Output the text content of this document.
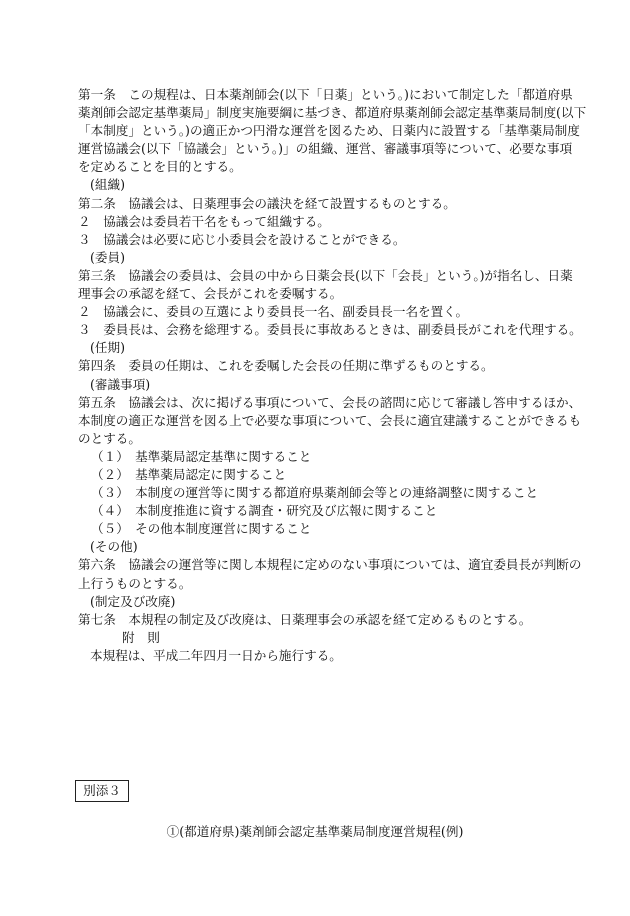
第一条　この規程は、日本薬剤師会(以下「日薬」という。)において制定した「都道府県
薬剤師会認定基準薬局」制度実施要綱に基づき、都道府県薬剤師会認定基準薬局制度(以下
「本制度」という。)の適正かつ円滑な運営を図るため、日薬内に設置する「基準薬局制度
運営協議会(以下「協議会」という。)」の組織、運営、審議事項等について、必要な事項
を定めることを目的とする。
(組織)
第二条　協議会は、日薬理事会の議決を経て設置するものとする。
２　協議会は委員若干名をもって組織する。
３　協議会は必要に応じ小委員会を設けることができる。
(委員)
第三条　協議会の委員は、会員の中から日薬会長(以下「会長」という。)が指名し、日薬
理事会の承認を経て、会長がこれを委嘱する。
２　協議会に、委員の互選により委員長一名、副委員長一名を置く。
３　委員長は、会務を総理する。委員長に事故あるときは、副委員長がこれを代理する。
(任期)
第四条　委員の任期は、これを委嘱した会長の任期に準ずるものとする。
(審議事項)
第五条　協議会は、次に掲げる事項について、会長の諮問に応じて審議し答申するほか、
本制度の適正な運営を図る上で必要な事項について、会長に適宜建議することができるも
のとする。
（１）　基準薬局認定基準に関すること
（２）　基準薬局認定に関すること
（３）　本制度の運営等に関する都道府県薬剤師会等との連絡調整に関すること
（４）　本制度推進に資する調査・研究及び広報に関すること
（５）　その他本制度運営に関すること
(その他)
第六条　協議会の運営等に関し本規程に定めのない事項については、適宜委員長が判断の
上行うものとする。
(制定及び改廃)
第七条　本規程の制定及び改廃は、日薬理事会の承認を経て定めるものとする。
附　則
本規程は、平成二年四月一日から施行する。
別添３
①(都道府県)薬剤師会認定基準薬局制度運営規程(例)
